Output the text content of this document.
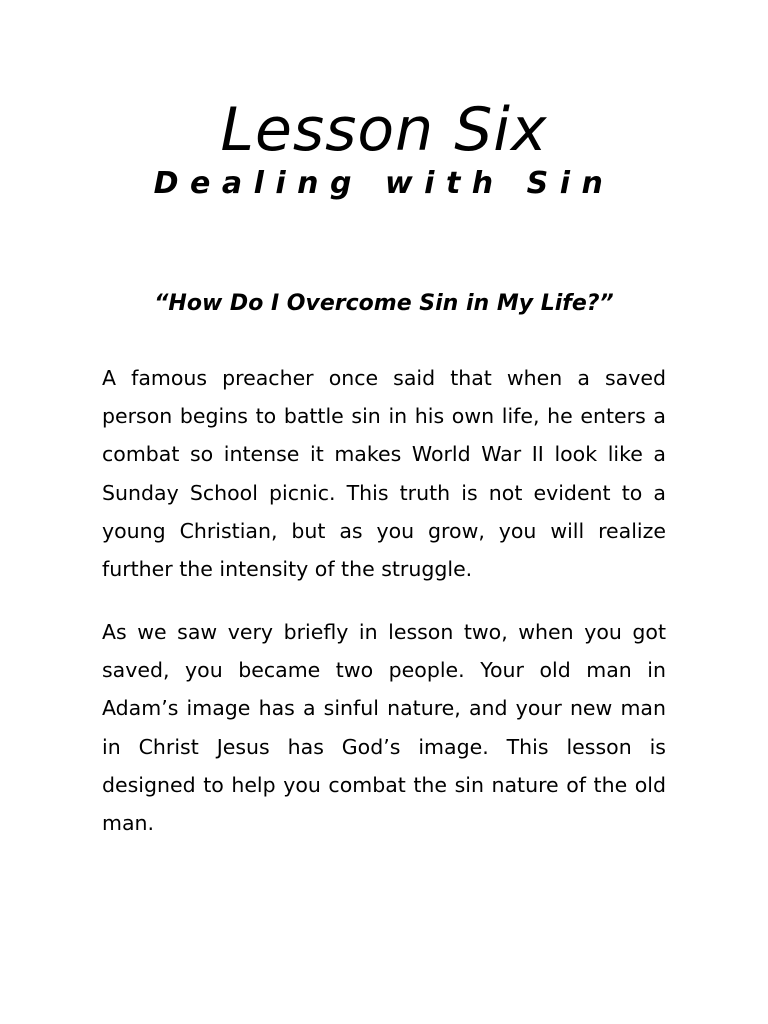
Lesson Six
Dealing with Sin
“How Do I Overcome Sin in My Life?”

A famous preacher once said that when a saved person begins to battle sin in his own life, he enters a combat so intense it makes World War II look like a Sunday School picnic. This truth is not evident to a young Christian, but as you grow, you will realize further the intensity of the struggle.

As we saw very briefly in lesson two, when you got saved, you became two people. Your old man in Adam’s image has a sinful nature, and your new man in Christ Jesus has God’s image. This lesson is designed to help you combat the sin nature of the old man.
